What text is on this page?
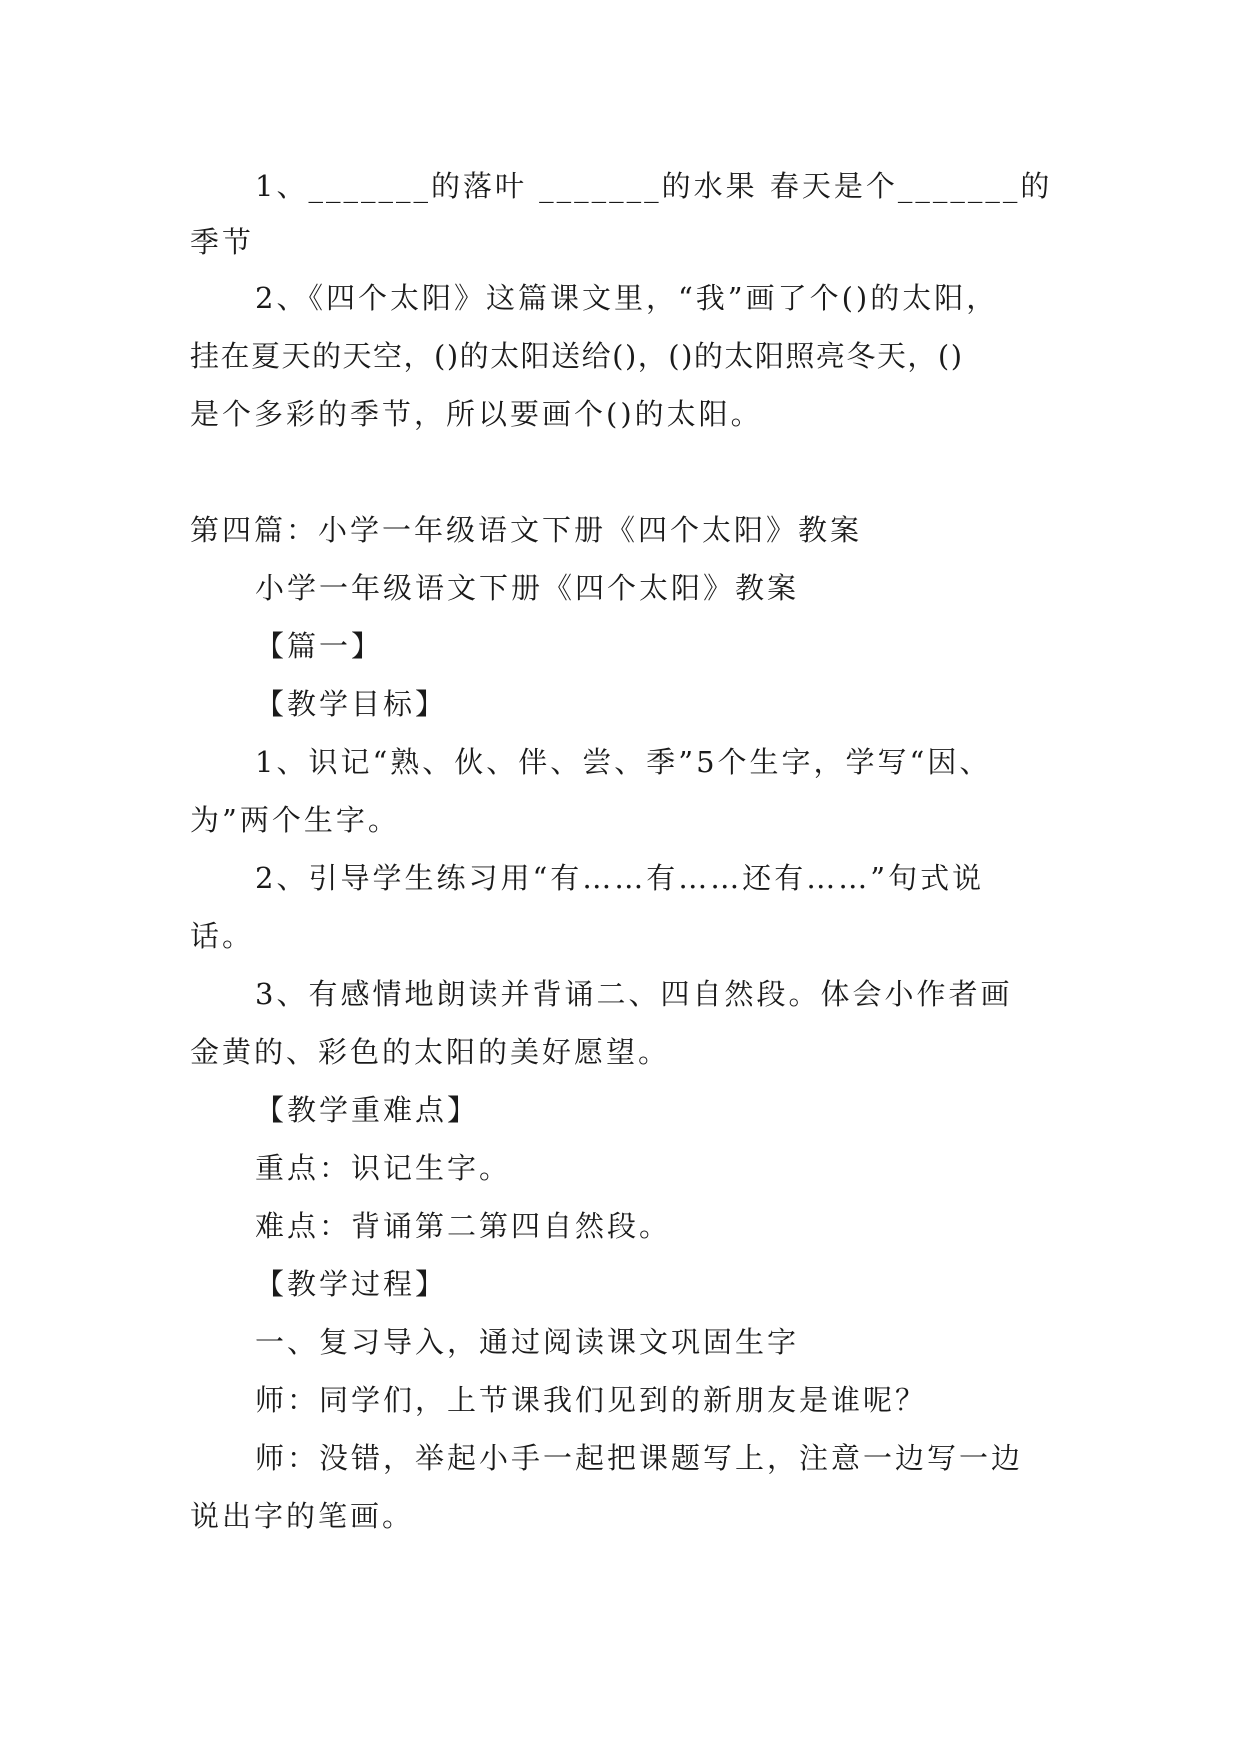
1、_______的落叶 _______的水果 春天是个_______的
季节
2、《四个太阳》这篇课文里，“我”画了个()的太阳，
挂在夏天的天空，()的太阳送给()，()的太阳照亮冬天，()
是个多彩的季节，所以要画个()的太阳。
第四篇：小学一年级语文下册《四个太阳》教案
小学一年级语文下册《四个太阳》教案
【篇一】
【教学目标】
1、识记“熟、伙、伴、尝、季”5个生字，学写“因、
为”两个生字。
2、引导学生练习用“有……有……还有……”句式说
话。
3、有感情地朗读并背诵二、四自然段。体会小作者画
金黄的、彩色的太阳的美好愿望。
【教学重难点】
重点：识记生字。
难点：背诵第二第四自然段。
【教学过程】
一、复习导入，通过阅读课文巩固生字
师：同学们，上节课我们见到的新朋友是谁呢？
师：没错，举起小手一起把课题写上，注意一边写一边
说出字的笔画。
